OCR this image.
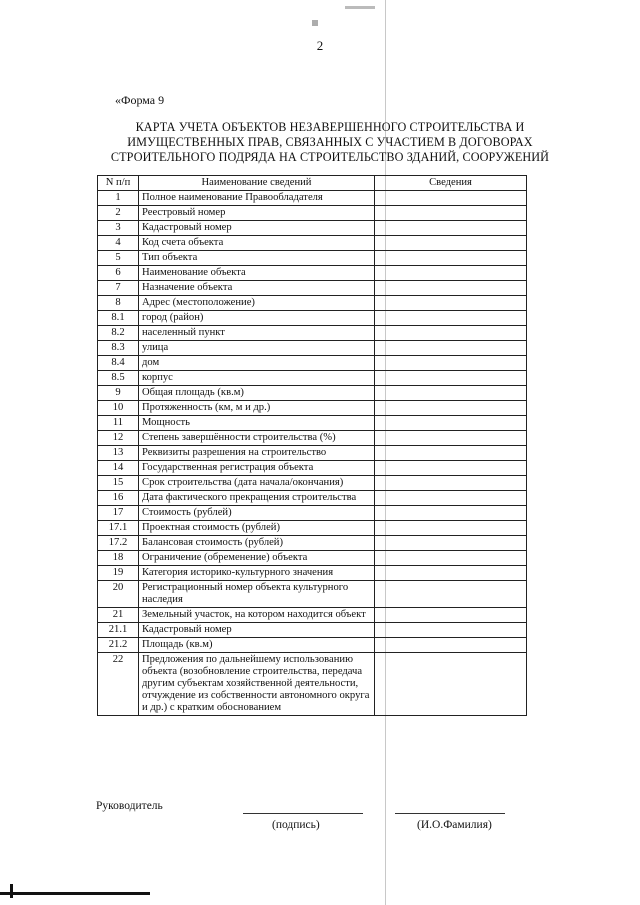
2
«Форма 9
КАРТА УЧЕТА ОБЪЕКТОВ НЕЗАВЕРШЕННОГО СТРОИТЕЛЬСТВА И
ИМУЩЕСТВЕННЫХ ПРАВ, СВЯЗАННЫХ С УЧАСТИЕМ В ДОГОВОРАХ
СТРОИТЕЛЬНОГО ПОДРЯДА НА СТРОИТЕЛЬСТВО ЗДАНИЙ, СООРУЖЕНИЙ
N п/п	Наименование сведений	Сведения
1	Полное наименование Правообладателя	
2	Реестровый номер	
3	Кадастровый номер	
4	Код счета объекта	
5	Тип объекта	
6	Наименование объекта	
7	Назначение объекта	
8	Адрес (местоположение)	
8.1	город (район)	
8.2	населенный пункт	
8.3	улица	
8.4	дом	
8.5	корпус	
9	Общая площадь (кв.м)	
10	Протяженность (км, м и др.)	
11	Мощность	
12	Степень завершённости строительства (%)	
13	Реквизиты разрешения на строительство	
14	Государственная регистрация объекта	
15	Срок строительства (дата начала/окончания)	
16	Дата фактического прекращения строительства	
17	Стоимость (рублей)	
17.1	Проектная стоимость (рублей)	
17.2	Балансовая стоимость (рублей)	
18	Ограничение (обременение) объекта	
19	Категория историко-культурного значения	
20	Регистрационный номер объекта культурного наследия	
21	Земельный участок, на котором находится объект	
21.1	Кадастровый номер	
21.2	Площадь (кв.м)	
22	Предложения по дальнейшему использованию объекта (возобновление строительства, передача другим субъектам хозяйственной деятельности, отчуждение из собственности автономного округа и др.) с кратким обоснованием	
Руководитель
(подпись)	(И.О.Фамилия)
